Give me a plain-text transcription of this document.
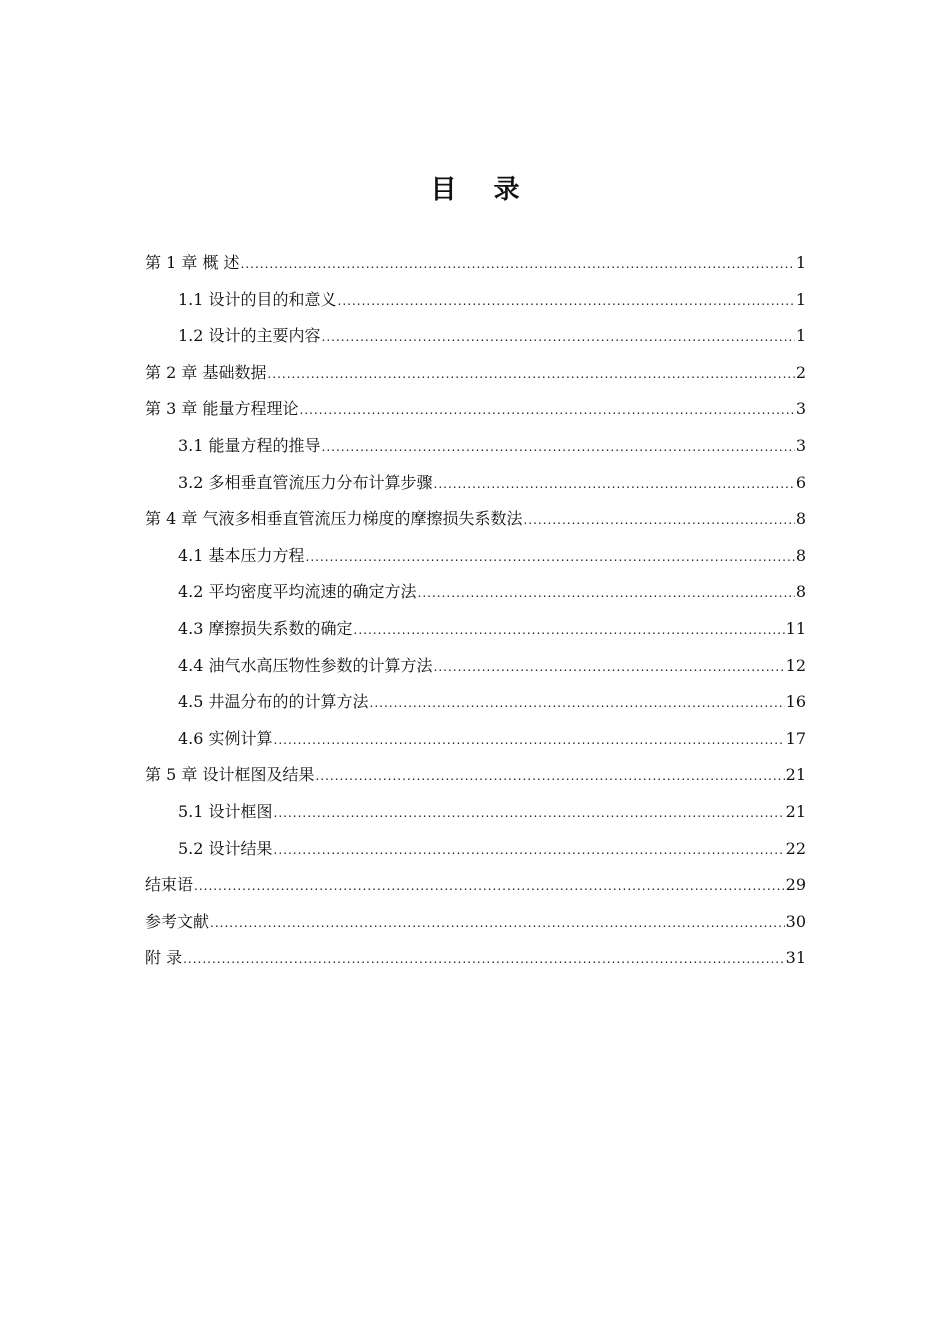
目 录
第 1 章 概 述 .....	1
1.1 设计的目的和意义 .....	1
1.2 设计的主要内容 .....	1
第 2 章 基础数据 .....	2
第 3 章 能量方程理论 .....	3
3.1 能量方程的推导 .....	3
3.2 多相垂直管流压力分布计算步骤 .....	6
第 4 章 气液多相垂直管流压力梯度的摩擦损失系数法 .....	8
4.1 基本压力方程 .....	8
4.2 平均密度平均流速的确定方法 .....	8
4.3 摩擦损失系数的确定 .....	11
4.4 油气水高压物性参数的计算方法 .....	12
4.5 井温分布的的计算方法 .....	16
4.6 实例计算 .....	17
第 5 章 设计框图及结果 .....	21
5.1 设计框图 .....	21
5.2 设计结果 .....	22
结束语 .....	29
参考文献 .....	30
附 录 .....	31
